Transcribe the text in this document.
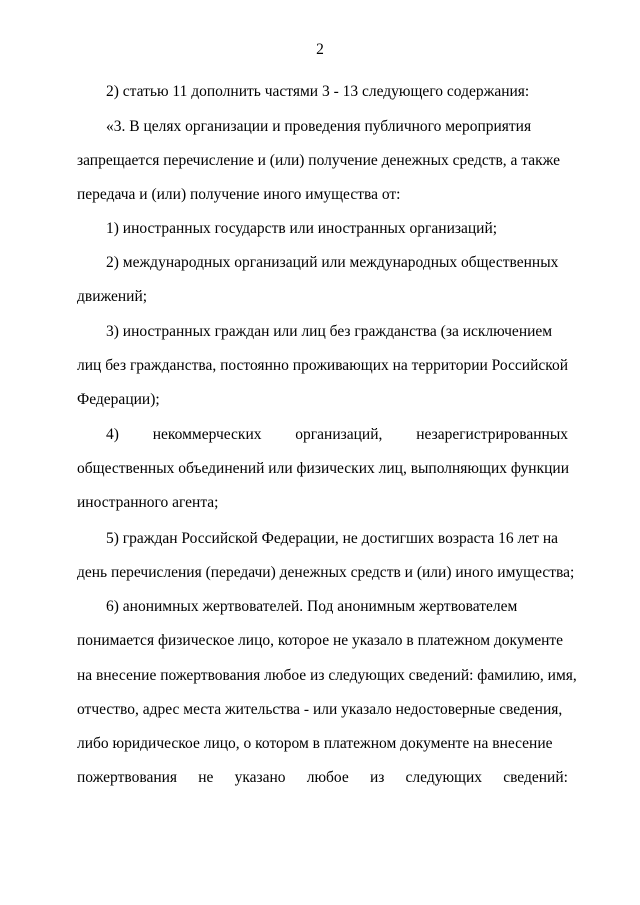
2
2) статью 11 дополнить частями 3 - 13 следующего содержания:
«3. В целях организации и проведения публичного мероприятия
запрещается перечисление и (или) получение денежных средств, а также
передача и (или) получение иного имущества от:
1) иностранных государств или иностранных организаций;
2) международных организаций или международных общественных
движений;
3) иностранных граждан или лиц без гражданства (за исключением
лиц без гражданства, постоянно проживающих на территории Российской
Федерации);
4) некоммерческих организаций, незарегистрированных
общественных объединений или физических лиц, выполняющих функции
иностранного агента;
5) граждан Российской Федерации, не достигших возраста 16 лет на
день перечисления (передачи) денежных средств и (или) иного имущества;
6) анонимных жертвователей. Под анонимным жертвователем
понимается физическое лицо, которое не указало в платежном документе
на внесение пожертвования любое из следующих сведений: фамилию, имя,
отчество, адрес места жительства - или указало недостоверные сведения,
либо юридическое лицо, о котором в платежном документе на внесение
пожертвования не указано любое из следующих сведений:
